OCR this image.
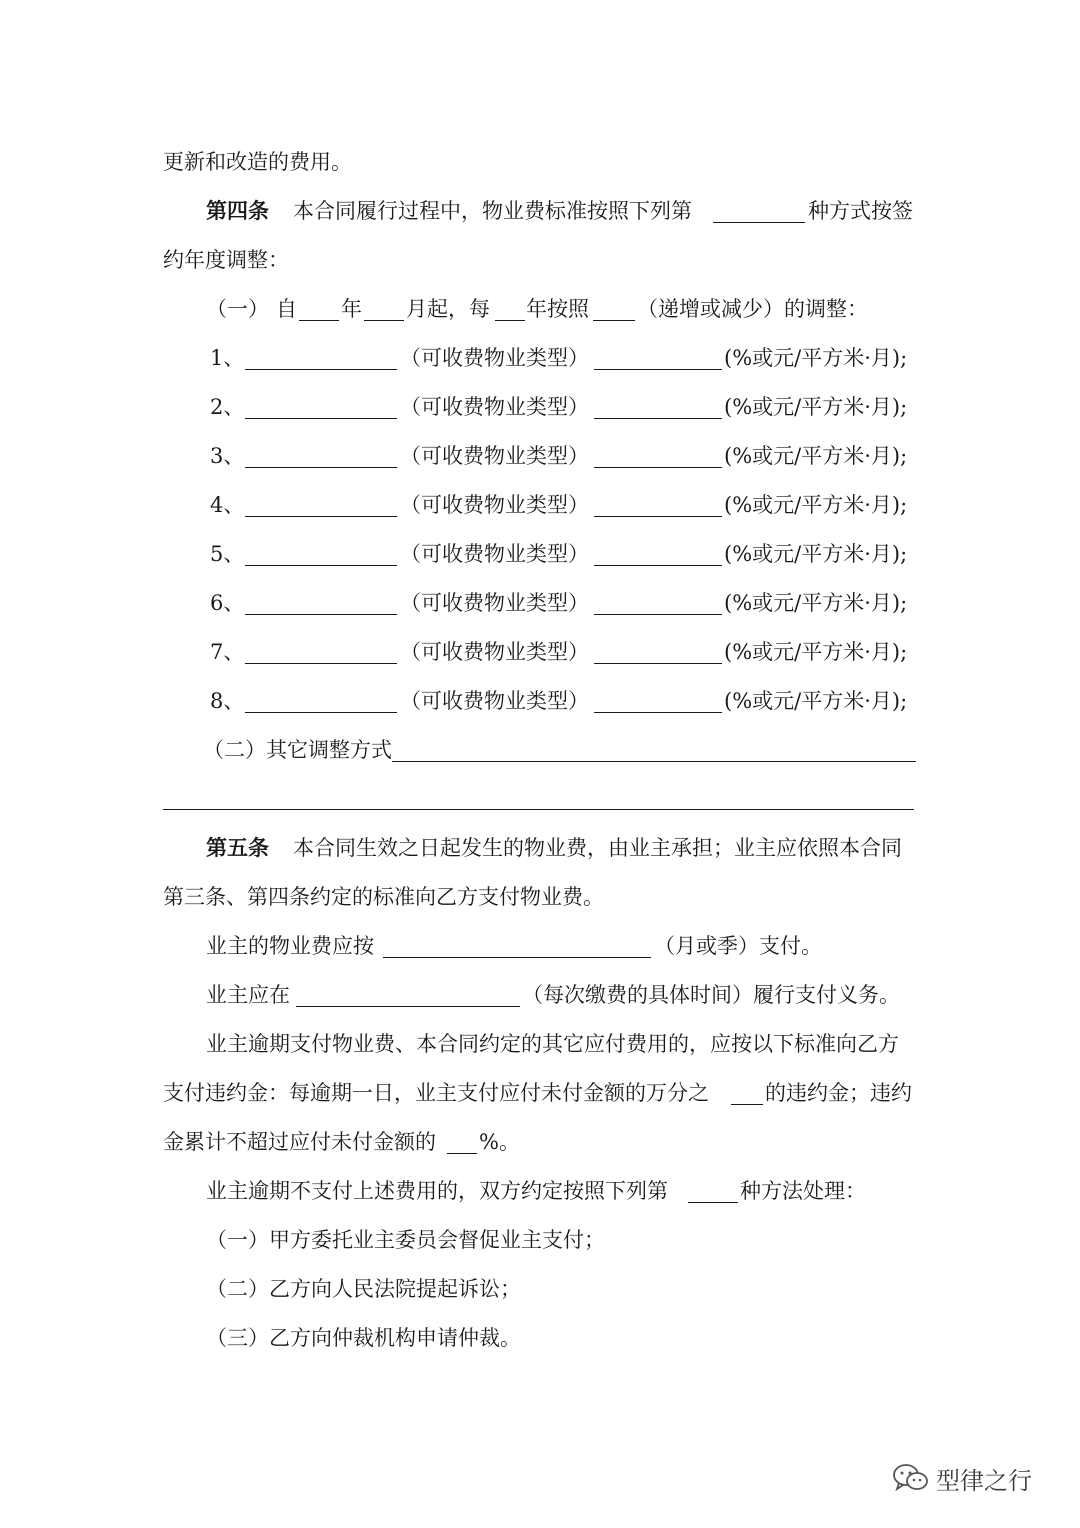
更新和改造的费用。
第四条 本合同履行过程中，物业费标准按照下列第	种方式按签
约年度调整：
（一） 自 年 月起，每 年按照 （递增或减少）的调整：
1、	（可收费物业类型）	(%或元/平方米·月);
2、	（可收费物业类型）	(%或元/平方米·月);
3、	（可收费物业类型）	(%或元/平方米·月);
4、	（可收费物业类型）	(%或元/平方米·月);
5、	（可收费物业类型）	(%或元/平方米·月);
6、	（可收费物业类型）	(%或元/平方米·月);
7、	（可收费物业类型）	(%或元/平方米·月);
8、	（可收费物业类型）	(%或元/平方米·月);
（二）其它调整方式
第五条 本合同生效之日起发生的物业费，由业主承担；业主应依照本合同
第三条、第四条约定的标准向乙方支付物业费。
业主的物业费应按	（月或季）支付。
业主应在	（每次缴费的具体时间）履行支付义务。
业主逾期支付物业费、本合同约定的其它应付费用的，应按以下标准向乙方
支付违约金：每逾期一日，业主支付应付未付金额的万分之	的违约金；违约
金累计不超过应付未付金额的 %。
业主逾期不支付上述费用的，双方约定按照下列第	种方法处理：
（一）甲方委托业主委员会督促业主支付；
（二）乙方向人民法院提起诉讼；
（三）乙方向仲裁机构申请仲裁。
型律之行
